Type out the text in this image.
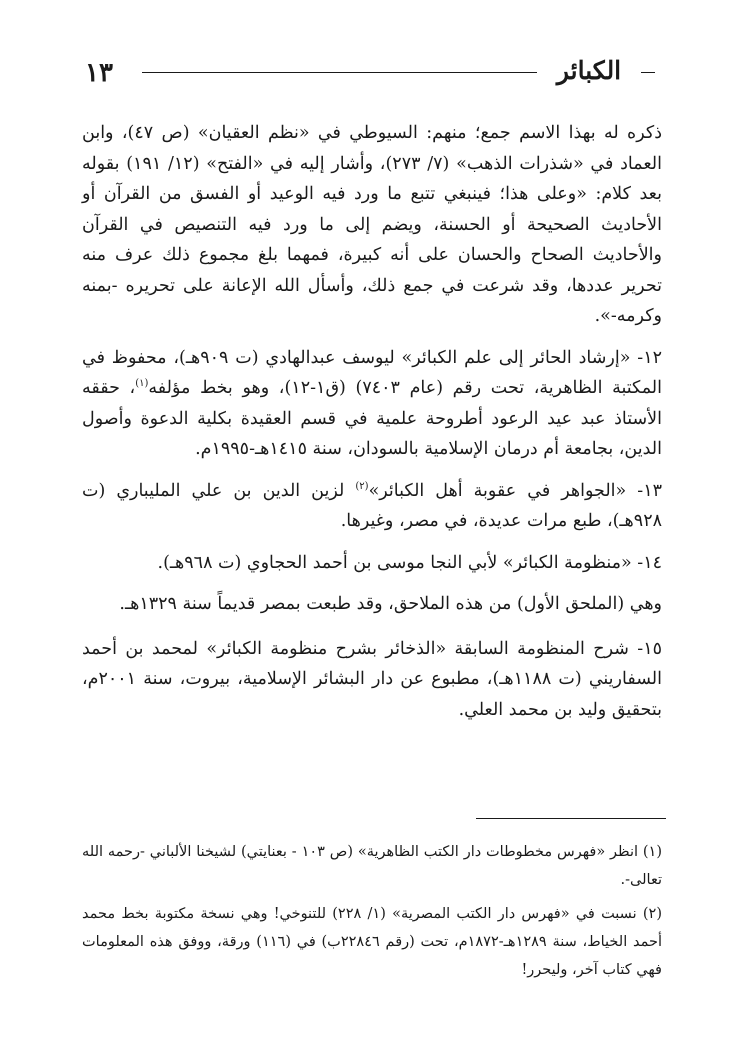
١٣	الكبائر

ذكره له بهذا الاسم جمع؛ منهم: السيوطي في «نظم العقيان» (ص ٤٧)، وابن العماد في «شذرات الذهب» (٧/ ٢٧٣)، وأشار إليه في «الفتح» (١٢/ ١٩١) بقوله بعد كلام: «وعلى هذا؛ فينبغي تتبع ما ورد فيه الوعيد أو الفسق من القرآن أو الأحاديث الصحيحة أو الحسنة، ويضم إلى ما ورد فيه التنصيص في القرآن والأحاديث الصحاح والحسان على أنه كبيرة، فمهما بلغ مجموع ذلك عرف منه تحرير عددها، وقد شرعت في جمع ذلك، وأسأل الله الإعانة على تحريره -بمنه وكرمه-».

١٢- «إرشاد الحائر إلى علم الكبائر» ليوسف عبدالهادي (ت ٩٠٩هـ)، محفوظ في المكتبة الظاهرية، تحت رقم (عام ٧٤٠٣) (ق١-١٢)، وهو بخط مؤلفه$^{(١)}$، حققه الأستاذ عبد عيد الرعود أطروحة علمية في قسم العقيدة بكلية الدعوة وأصول الدين، بجامعة أم درمان الإسلامية بالسودان، سنة ١٤١٥هـ-١٩٩٥م.

١٣- «الجواهر في عقوبة أهل الكبائر»$^{(٢)}$ لزين الدين بن علي المليباري (ت ٩٢٨هـ)، طبع مرات عديدة، في مصر، وغيرها.

١٤- «منظومة الكبائر» لأبي النجا موسى بن أحمد الحجاوي (ت ٩٦٨هـ).

وهي (الملحق الأول) من هذه الملاحق، وقد طبعت بمصر قديماً سنة ١٣٢٩هـ.

١٥- شرح المنظومة السابقة «الذخائر بشرح منظومة الكبائر» لمحمد بن أحمد السفاريني (ت ١١٨٨هـ)، مطبوع عن دار البشائر الإسلامية، بيروت، سنة ٢٠٠١م، بتحقيق وليد بن محمد العلي.

(١) انظر «فهرس مخطوطات دار الكتب الظاهرية» (ص ١٠٣ - بعنايتي) لشيخنا الألباني -رحمه الله تعالى-.

(٢) نسبت في «فهرس دار الكتب المصرية» (١/ ٢٢٨) للتنوخي! وهي نسخة مكتوبة بخط محمد أحمد الخياط، سنة ١٢٨٩هـ-١٨٧٢م، تحت (رقم ٢٢٨٤٦ب) في (١١٦) ورقة، ووفق هذه المعلومات فهي كتاب آخر، وليحرر!
